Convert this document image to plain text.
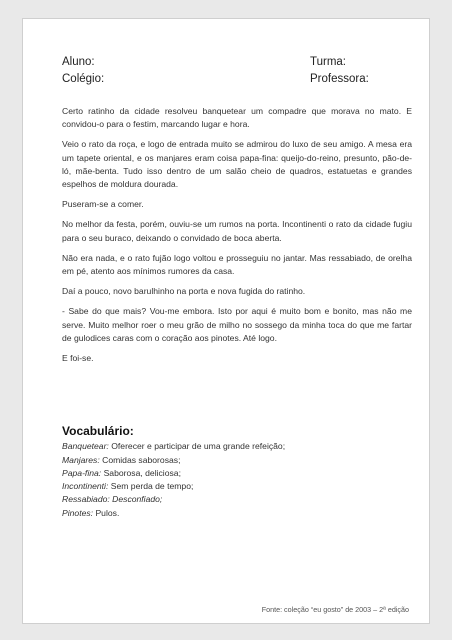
Aluno:	Turma:
Colégio:	Professora:

Certo ratinho da cidade resolveu banquetear um compadre que morava no mato. E convidou-o para o festim, marcando lugar e hora.

Veio o rato da roça, e logo de entrada muito se admirou do luxo de seu amigo. A mesa era um tapete oriental, e os manjares eram coisa papa-fina: queijo-do-reino, presunto, pão-de-ló, mãe-benta. Tudo isso dentro de um salão cheio de quadros, estatuetas e grandes espelhos de moldura dourada.

Puseram-se a comer.

No melhor da festa, porém, ouviu-se um rumos na porta. Incontinenti o rato da cidade fugiu para o seu buraco, deixando o convidado de boca aberta.

Não era nada, e o rato fujão logo voltou e prosseguiu no jantar. Mas ressabiado, de orelha em pé, atento aos mínimos rumores da casa.

Daí a pouco, novo barulhinho na porta e nova fugida do ratinho.

- Sabe do que mais? Vou-me embora. Isto por aqui é muito bom e bonito, mas não me serve. Muito melhor roer o meu grão de milho no sossego da minha toca do que me fartar de gulodices caras com o coração aos pinotes. Até logo.

E foi-se.

Vocabulário:
Banquetear: Oferecer e participar de uma grande refeição;
Manjares: Comidas saborosas;
Papa-fina: Saborosa, deliciosa;
Incontinenti: Sem perda de tempo;
Ressabiado: Desconfiado;
Pinotes: Pulos.
Fonte: coleção “eu gosto” de 2003 – 2ª edição
